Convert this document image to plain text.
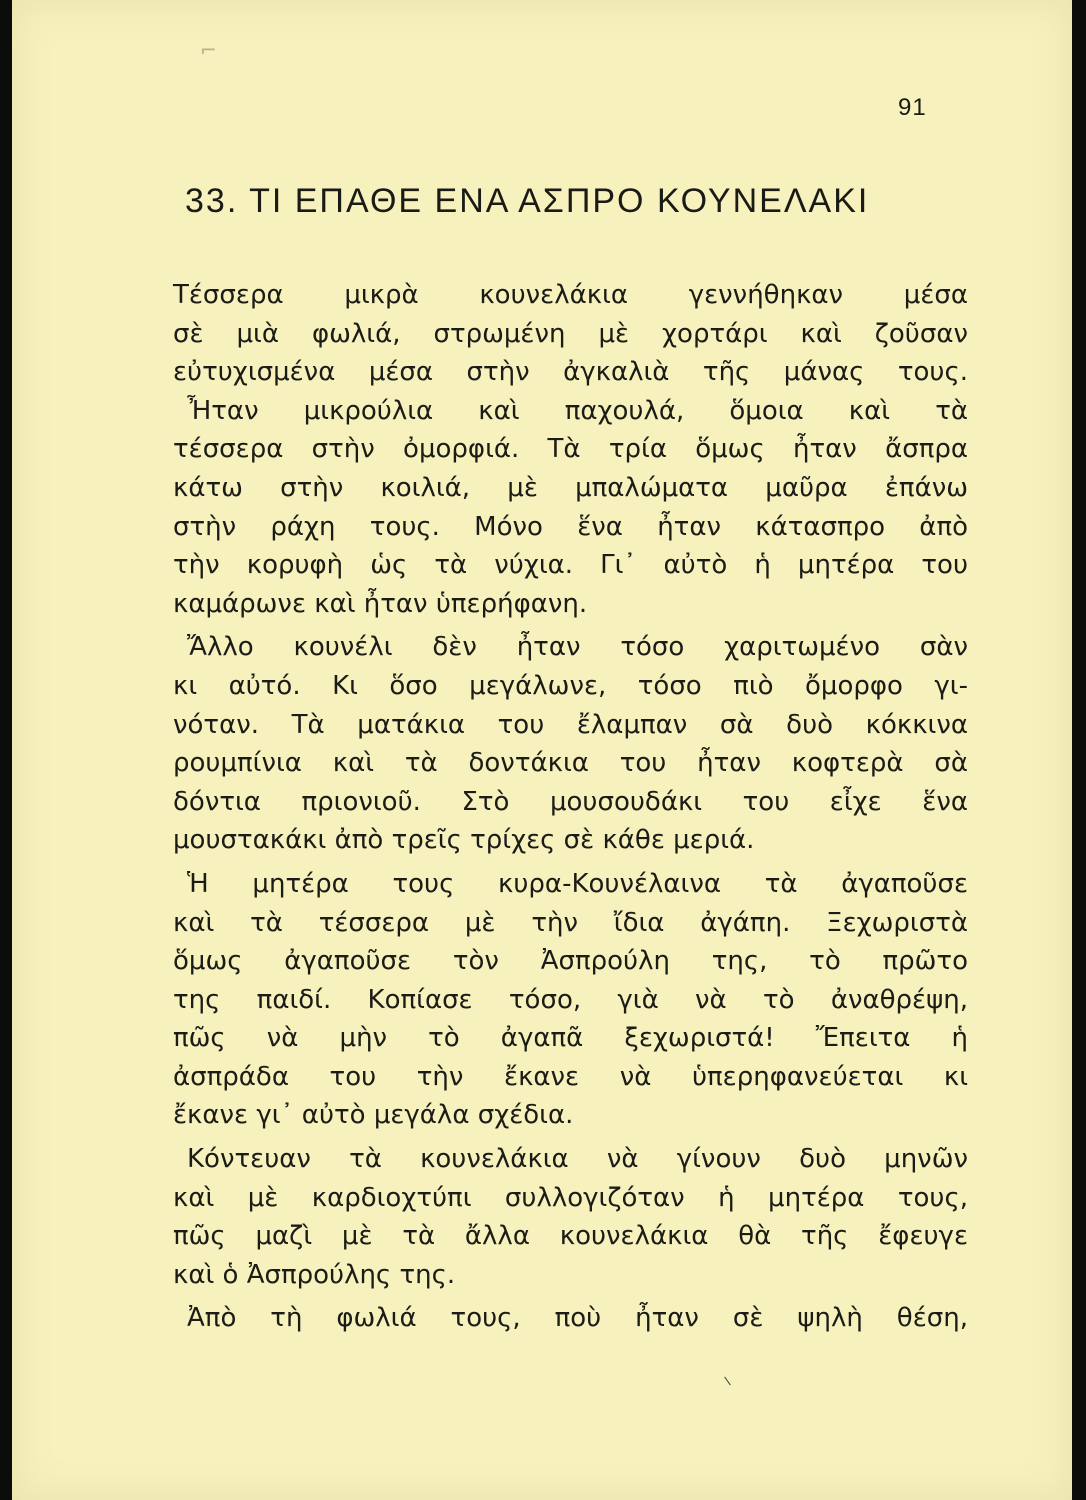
⌐
91
33. ΤΙ ΕΠΑΘΕ ΕΝΑ ΑΣΠΡΟ ΚΟΥΝΕΛΑΚΙ
Τέσσερα μικρὰ κουνελάκια γεννήθηκαν μέσα
σὲ μιὰ φωλιά, στρωμένη μὲ χορτάρι καὶ ζοῦσαν
εὐτυχισμένα μέσα στὴν ἀγκαλιὰ τῆς μάνας τους.
Ἦταν μικρούλια καὶ παχουλά, ὅμοια καὶ τὰ
τέσσερα στὴν ὀμορφιά. Τὰ τρία ὅμως ἦταν ἄσπρα
κάτω στὴν κοιλιά, μὲ μπαλώματα μαῦρα ἐπάνω
στὴν ράχη τους. Μόνο ἕνα ἦταν κάτασπρο ἀπὸ
τὴν κορυφὴ ὡς τὰ νύχια. Γι᾽ αὐτὸ ἡ μητέρα του
καμάρωνε καὶ ἦταν ὑπερήφανη.
Ἄλλο κουνέλι δὲν ἦταν τόσο χαριτωμένο σὰν
κι αὐτό. Κι ὅσο μεγάλωνε, τόσο πιὸ ὄμορφο γι-
νόταν. Τὰ ματάκια του ἔλαμπαν σὰ δυὸ κόκκινα
ρουμπίνια καὶ τὰ δοντάκια του ἦταν κοφτερὰ σὰ
δόντια πριονιοῦ. Στὸ μουσουδάκι του εἶχε ἕνα
μουστακάκι ἀπὸ τρεῖς τρίχες σὲ κάθε μεριά.
Ἡ μητέρα τους κυρα-Κουνέλαινα τὰ ἀγαποῦσε
καὶ τὰ τέσσερα μὲ τὴν ἴδια ἀγάπη. Ξεχωριστὰ
ὅμως ἀγαποῦσε τὸν Ἀσπρούλη της, τὸ πρῶτο
της παιδί. Κοπίασε τόσο, γιὰ νὰ τὸ ἀναθρέψη,
πῶς νὰ μὴν τὸ ἀγαπᾶ ξεχωριστά! Ἔπειτα ἡ
ἀσπράδα του τὴν ἔκανε νὰ ὑπερηφανεύεται κι
ἔκανε γι᾽ αὐτὸ μεγάλα σχέδια.
Κόντευαν τὰ κουνελάκια νὰ γίνουν δυὸ μηνῶν
καὶ μὲ καρδιοχτύπι συλλογιζόταν ἡ μητέρα τους,
πῶς μαζὶ μὲ τὰ ἄλλα κουνελάκια θὰ τῆς ἔφευγε
καὶ ὁ Ἀσπρούλης της.
Ἀπὸ τὴ φωλιά τους, ποὺ ἦταν σὲ ψηλὴ θέση,
